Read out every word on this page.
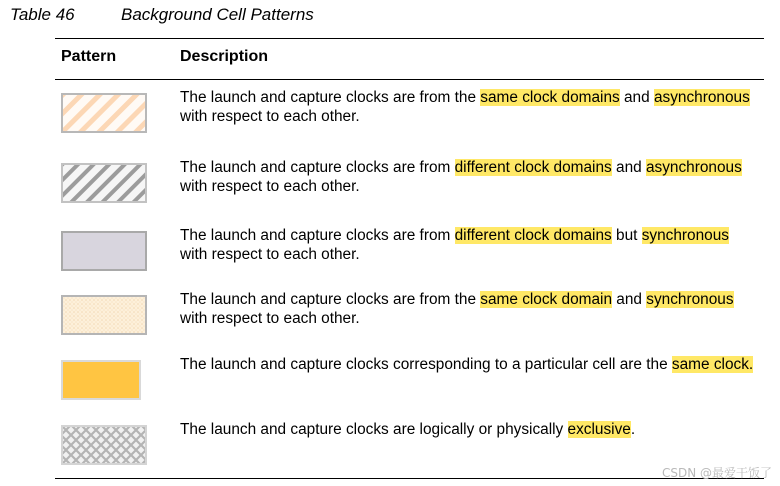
Table 46	Background Cell Patterns
Pattern	Description
The launch and capture clocks are from the same clock domains and asynchronous with respect to each other.
The launch and capture clocks are from different clock domains and asynchronous with respect to each other.
The launch and capture clocks are from different clock domains but synchronous with respect to each other.
The launch and capture clocks are from the same clock domain and synchronous with respect to each other.
The launch and capture clocks corresponding to a particular cell are the same clock.
The launch and capture clocks are logically or physically exclusive.
CSDN @最爱干饭了
